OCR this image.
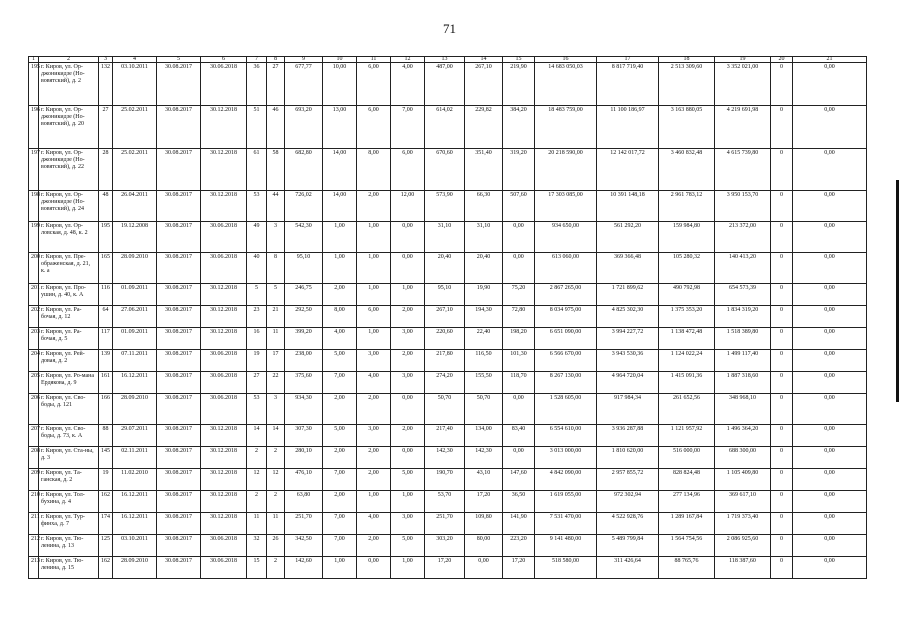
71
1	2	3	4	5	6	7	8	9	10	11	12	13	14	15	16	17	18	19	20	21
195	г. Киров, ул. Ор-джоникидзе (Но-вовятский), д. 2	132	03.10.2011	30.08.2017	30.06.2018	36	27	677,77	10,00	6,00	4,00	487,00	267,10	219,90	14 683 050,03	8 817 719,40	2 513 309,60	3 352 021,00	0	0,00
196	г. Киров, ул. Ор-джоникидзе (Но-вовятский), д. 20	27	25.02.2011	30.08.2017	30.12.2018	51	46	693,20	13,00	6,00	7,00	614,02	229,82	384,20	18 483 759,00	11 100 186,97	3 163 880,05	4 219 691,98	0	0,00
197	г. Киров, ул. Ор-джоникидзе (Но-вовятский), д. 22	28	25.02.2011	30.08.2017	30.12.2018	61	58	682,80	14,00	8,00	6,00	670,60	351,40	319,20	20 218 590,00	12 142 017,72	3 460 832,48	4 615 739,80	0	0,00
198	г. Киров, ул. Ор-джоникидзе (Но-вовятский), д. 24	48	26.04.2011	30.08.2017	30.12.2018	53	44	726,02	14,00	2,00	12,00	573,90	66,30	507,60	17 303 085,00	10 391 148,18	2 961 783,12	3 950 153,70	0	0,00
199	г. Киров, ул. Ор-ловская, д. 48, к. 2	195	19.12.2008	30.08.2017	30.06.2018	49	3	542,30	1,00	1,00	0,00	31,10	31,10	0,00	934 650,00	561 292,20	159 984,80	213 372,00	0	0,00
200	г. Киров, ул. Пре-ображенская, д. 21, к. а	165	28.09.2010	30.08.2017	30.06.2018	40	8	95,10	1,00	1,00	0,00	20,40	20,40	0,00	613 060,00	369 366,48	105 280,32	140 413,20	0	0,00
201	г. Киров, ул. Про-ушин, д. 40, к. А	116	01.09.2011	30.08.2017	30.12.2018	5	5	246,75	2,00	1,00	1,00	95,10	19,90	75,20	2 867 265,00	1 721 899,62	490 792,98	654 573,39	0	0,00
202	г. Киров, ул. Ра-бочая, д. 12	64	27.06.2011	30.08.2017	30.12.2018	23	21	292,50	8,00	6,00	2,00	267,10	194,30	72,80	8 034 975,00	4 825 302,30	1 375 353,20	1 834 319,20	0	0,00
203	г. Киров, ул. Ра-бочая, д. 5	117	01.09.2011	30.08.2017	30.12.2018	16	11	399,20	4,00	1,00	3,00	220,60	22,40	198,20	6 651 090,00	3 994 227,72	1 138 472,48	1 518 389,80	0	0,00
204	г. Киров, ул. Рей-довая, д. 2	139	07.11.2011	30.08.2017	30.06.2018	19	17	238,00	5,00	3,00	2,00	217,80	116,50	101,30	6 566 670,00	3 943 530,36	1 124 022,24	1 499 117,40	0	0,00
205	г. Киров, ул. Ро-мана Ердякова, д. 9	161	16.12.2011	30.08.2017	30.06.2018	27	22	375,60	7,00	4,00	3,00	274,20	155,50	118,70	8 267 130,00	4 964 720,04	1 415 091,36	1 887 318,60	0	0,00
206	г. Киров, ул. Сво-боды, д. 121	166	28.09.2010	30.08.2017	30.06.2018	53	3	934,30	2,00	2,00	0,00	50,70	50,70	0,00	1 528 605,00	917 984,34	261 652,56	348 968,10	0	0,00
207	г. Киров, ул. Сво-боды, д. 73, к. А	88	29.07.2011	30.08.2017	30.12.2018	14	14	307,30	5,00	3,00	2,00	217,40	134,00	83,40	6 554 610,00	3 936 287,88	1 121 957,92	1 496 364,20	0	0,00
208	г. Киров, ул. Ста-ны, д. 3	145	02.11.2011	30.08.2017	30.12.2018	2	2	280,10	2,00	2,00	0,00	142,30	142,30	0,00	3 013 000,00	1 810 620,00	516 000,00	688 300,00	0	0,00
209	г. Киров, ул. Та-ганская, д. 2	19	11.02.2010	30.08.2017	30.12.2018	12	12	476,10	7,00	2,00	5,00	190,70	43,10	147,60	4 842 090,00	2 957 855,72	828 824,48	1 105 409,80	0	0,00
210	г. Киров, ул. Тол-бухина, д. 4	162	16.12.2011	30.08.2017	30.12.2018	2	2	63,80	2,00	1,00	1,00	53,70	17,20	36,50	1 619 055,00	972 302,94	277 134,96	369 617,10	0	0,00
211	г. Киров, ул. Тур-финха, д. 7	174	16.12.2011	30.08.2017	30.12.2018	11	11	251,70	7,00	4,00	3,00	251,70	109,80	141,90	7 531 470,00	4 522 928,76	1 289 167,84	1 719 373,40	0	0,00
212	г. Киров, ул. Тю-ленина, д. 13	125	03.10.2011	30.08.2017	30.06.2018	32	26	342,50	7,00	2,00	5,00	303,20	80,00	223,20	9 141 480,00	5 489 799,84	1 564 754,56	2 086 925,60	0	0,00
213	г. Киров, ул. Тю-ленина, д. 15	162	28.09.2010	30.08.2017	30.06.2018	15	2	142,60	1,00	0,00	1,00	17,20	0,00	17,20	518 580,00	311 426,64	88 765,76	118 387,60	0	0,00
